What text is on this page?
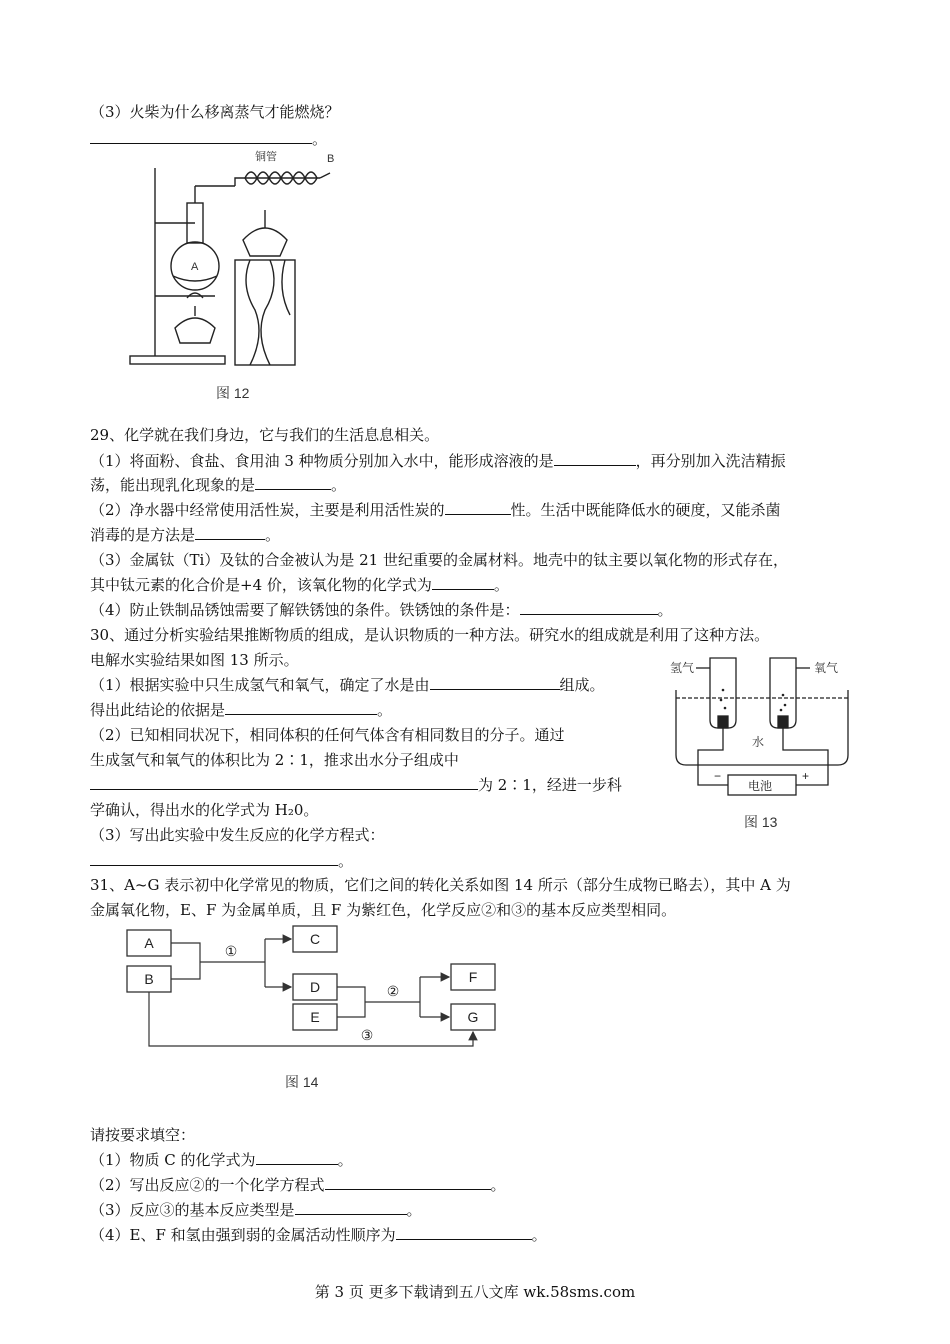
（3）火柴为什么移离蒸气才能燃烧？
。
铜管	B
A
图 12
29、化学就在我们身边，它与我们的生活息息相关。
（1）将面粉、食盐、食用油 3 种物质分别加入水中，能形成溶液的是	，再分别加入洗洁精振
荡，能出现乳化现象的是	。
（2）净水器中经常使用活性炭，主要是利用活性炭的	性。生活中既能降低水的硬度，又能杀菌
消毒的是方法是	。
（3）金属钛（Ti）及钛的合金被认为是 21 世纪重要的金属材料。地壳中的钛主要以氧化物的形式存在，
其中钛元素的化合价是+4 价，该氧化物的化学式为	。
（4）防止铁制品锈蚀需要了解铁锈蚀的条件。铁锈蚀的条件是：	。
30、通过分析实验结果推断物质的组成，是认识物质的一种方法。研究水的组成就是利用了这种方法。
电解水实验结果如图 13 所示。
（1）根据实验中只生成氢气和氧气，确定了水是由	组成。
得出此结论的依据是	。
（2）已知相同状况下，相同体积的任何气体含有相同数目的分子。通过
生成氢气和氧气的体积比为 2∶1，推求出水分子组成中
为 2∶1，经进一步科
学确认，得出水的化学式为 H₂0。
（3）写出此实验中发生反应的化学方程式：
。
氢气	氧气
水
电池
−	+
图 13
31、A~G 表示初中化学常见的物质，它们之间的转化关系如图 14 所示（部分生成物已略去），其中 A 为
金属氧化物，E、F 为金属单质，且 F 为紫红色，化学反应②和③的基本反应类型相同。
A
B
C
D
E
F
G
①
②
③
图 14
请按要求填空：
（1）物质 C 的化学式为	。
（2）写出反应②的一个化学方程式	。
（3）反应③的基本反应类型是	。
（4）E、F 和氢由强到弱的金属活动性顺序为	。
第 3 页 更多下载请到五八文库 wk.58sms.com
